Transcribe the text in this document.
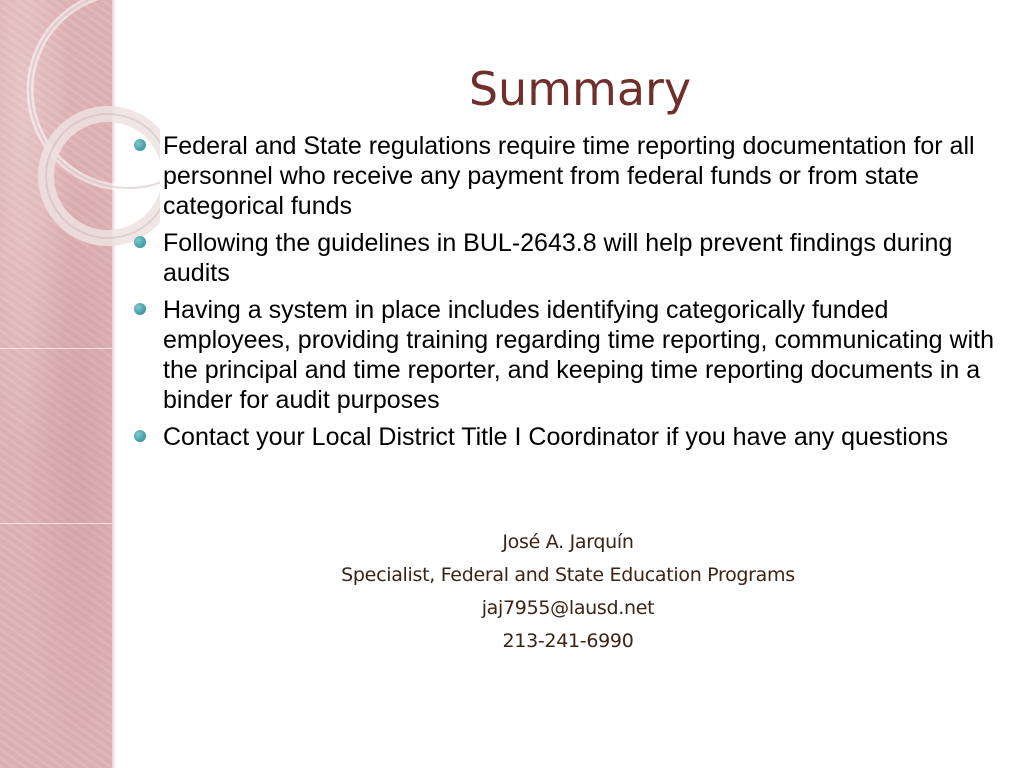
Summary
Federal and State regulations require time reporting documentation for all personnel who receive any payment from federal funds or from state categorical funds
Following the guidelines in BUL-2643.8 will help prevent findings during audits
Having a system in place includes identifying categorically funded employees, providing training regarding time reporting, communicating with the principal and time reporter, and keeping time reporting documents in a binder for audit purposes
Contact your Local District Title I Coordinator if you have any questions
José A. Jarquín
Specialist, Federal and State Education Programs
jaj7955@lausd.net
213-241-6990
